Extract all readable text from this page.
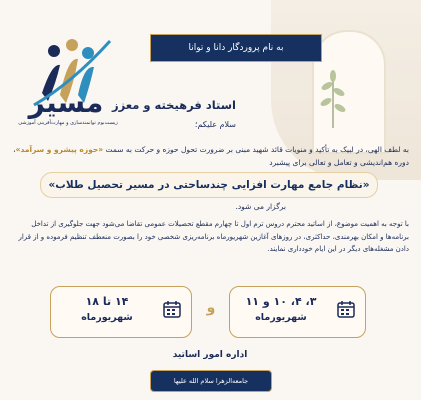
مسیر
زیست‌بوم توانمندسازی و مهارت‌آفرینی آموزشی
به نام پروردگار دانا و توانا
استاد فرهیخته و معزز
سلام علیکم؛
به لطف الهی، در لبیک به تأکید و منویات قائد شهید مبنی بر ضرورت تحول حوزه و حرکت به سمت «حوزه پیشرو و سرآمد»، دوره هم‌اندیشی و تعامل و تعالی برای پیشبرد
«نظام جامع مهارت افزایی چندساحتی در مسیر تحصیل طلاب»
برگزار می شود.
با توجه به اهمیت موضوع، از اساتید محترم دروس ترم اول تا چهارم مقطع تحصیلات عمومی تقاضا می‌شود جهت جلوگیری از تداخل برنامه‌ها و امکان بهرمندی، حداکثری، در روزهای آغازین شهریورماه برنامه‌ریزی شخصی خود را بصورت منعطف تنظیم فرموده و از قرار دادن مشغله‌های دیگر در این ایام خودداری نمایند.
۳، ۴، ۱۰ و ۱۱
شهریورماه
و
۱۴ تا ۱۸
شهریورماه
اداره امور اساتید
جامعه‌الزهرا سلام الله علیها
